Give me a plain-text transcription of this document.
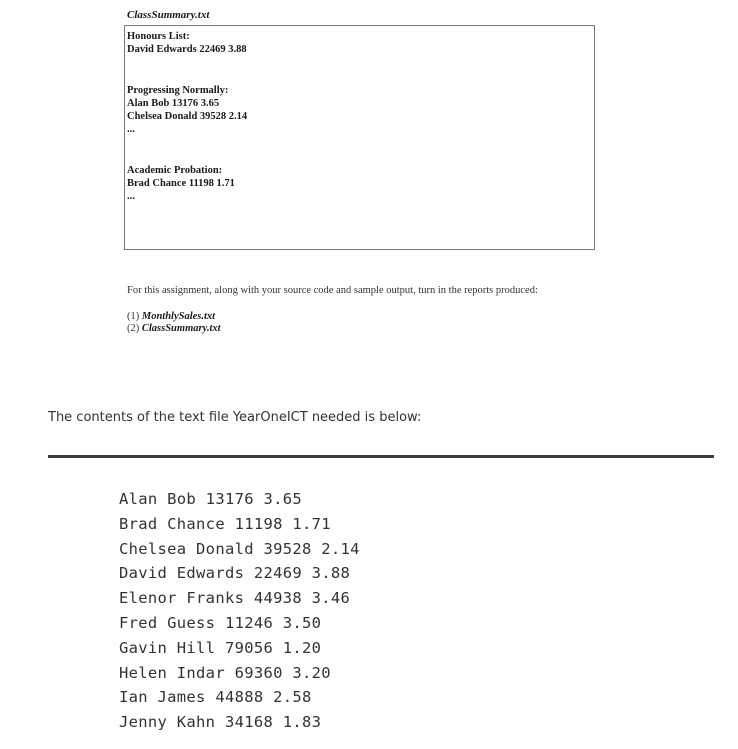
ClassSummary.txt
Honours List:
David Edwards 22469 3.88
Progressing Normally:
Alan Bob 13176 3.65
Chelsea Donald 39528 2.14
...
Academic Probation:
Brad Chance 11198 1.71
...
For this assignment, along with your source code and sample output, turn in the reports produced:
(1) MonthlySales.txt
(2) ClassSummary.txt
The contents of the text file YearOneICT needed is below:
Alan Bob 13176 3.65
Brad Chance 11198 1.71
Chelsea Donald 39528 2.14
David Edwards 22469 3.88
Elenor Franks 44938 3.46
Fred Guess 11246 3.50
Gavin Hill 79056 1.20
Helen Indar 69360 3.20
Ian James 44888 2.58
Jenny Kahn 34168 1.83
